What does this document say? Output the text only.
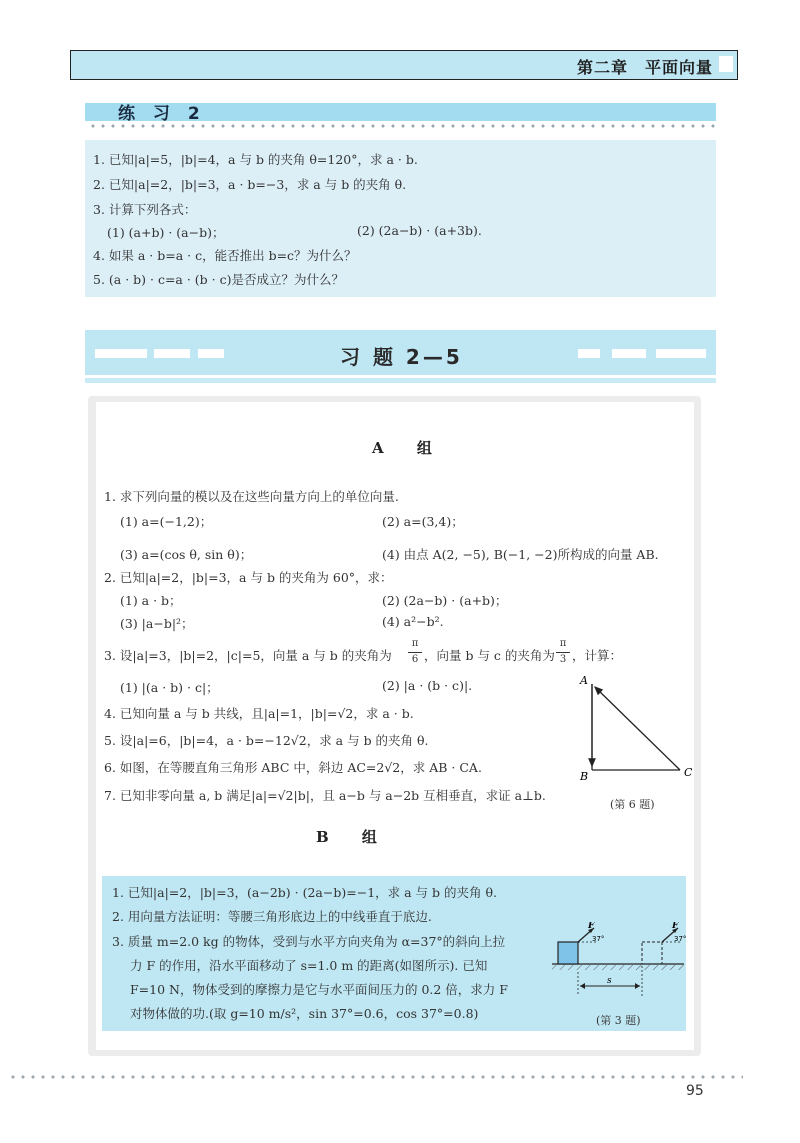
第二章　平面向量
练 习 2
1. 已知|a|=5，|b|=4，a 与 b 的夹角 θ=120°，求 a · b.
2. 已知|a|=2，|b|=3，a · b=−3，求 a 与 b 的夹角 θ.
3. 计算下列各式：
(1) (a+b) · (a−b)；	(2) (2a−b) · (a+3b).
4. 如果 a · b=a · c，能否推出 b=c？为什么？
5. (a · b) · c=a · (b · c)是否成立？为什么？
习 题 2—5
A 组
1. 求下列向量的模以及在这些向量方向上的单位向量.
(1) a=(−1,2)；	(2) a=(3,4)；
(3) a=(cos θ, sin θ)；	(4) 由点 A(2, −5), B(−1, −2)所构成的向量 AB.
2. 已知|a|=2，|b|=3，a 与 b 的夹角为 60°，求：
(1) a · b；	(2) (2a−b) · (a+b)；
(3) |a−b|²；	(4) a²−b².
3. 设|a|=3，|b|=2，|c|=5，向量 a 与 b 的夹角为
π
6 ，向量 b 与 c 的夹角为
π
3 ，计算：
(1) |(a · b) · c|；	(2) |a · (b · c)|.
4. 已知向量 a 与 b 共线，且|a|=1，|b|=√2，求 a · b.
5. 设|a|=6，|b|=4，a · b=−12√2，求 a 与 b 的夹角 θ.
6. 如图，在等腰直角三角形 ABC 中，斜边 AC=2√2，求 AB · CA.
7. 已知非零向量 a, b 满足|a|=√2|b|，且 a−b 与 a−2b 互相垂直，求证 a⊥b.
A
B	C
(第 6 题)
B 组
1. 已知|a|=2，|b|=3，(a−2b) · (2a−b)=−1，求 a 与 b 的夹角 θ.
2. 用向量方法证明：等腰三角形底边上的中线垂直于底边.
3. 质量 m=2.0 kg 的物体，受到与水平方向夹角为 α=37°的斜向上拉
力 F 的作用，沿水平面移动了 s=1.0 m 的距离(如图所示). 已知
F=10 N，物体受到的摩擦力是它与水平面间压力的 0.2 倍，求力 F
对物体做的功.(取 g=10 m/s²，sin 37°=0.6，cos 37°=0.8)
F
37°
F
37°
s
(第 3 题)
95
